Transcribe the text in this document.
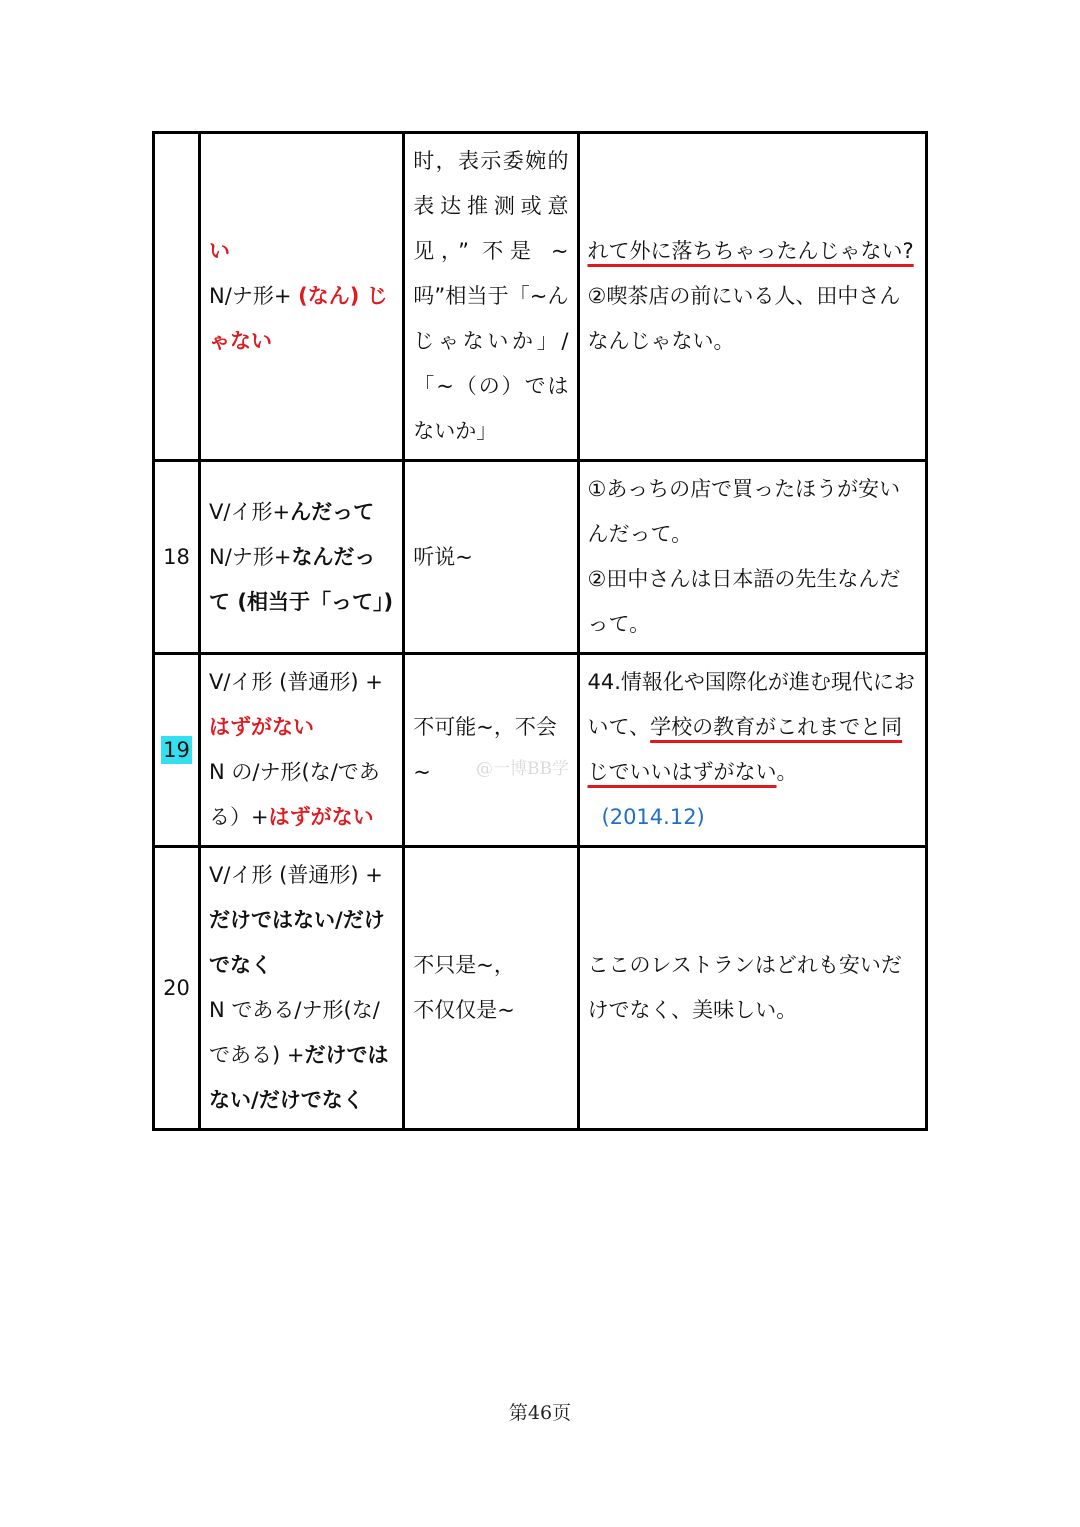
	い
N/ナ形+ (なん) じ
ゃない	时，表示委婉的表达推测或意见，” 不是 ~ 吗”相当于「~んじゃないか」/「~（の）ではないか」	れて外に落ちちゃったんじゃない?
②喫茶店の前にいる人、田中さんなんじゃない。

18	V/イ形+んだって
N/ナ形+なんだっ
て (相当于「って」)	听说~	①あっちの店で買ったほうが安いんだって。
②田中さんは日本語の先生なんだって。

19	V/イ形 (普通形) +
はずがない
N の/ナ形(な/であ
る）+はずがない	不可能~，不会~	44.情報化や国際化が進む現代において、学校の教育がこれまでと同じでいいはずがない。
(2014.12)

20	V/イ形 (普通形) +
だけではない/だけでなく
N である/ナ形(な/である) +だけではない/だけでなく	不只是~，
不仅仅是~	ここのレストランはどれも安いだけでなく、美味しい。
@一博BB学
第46页
